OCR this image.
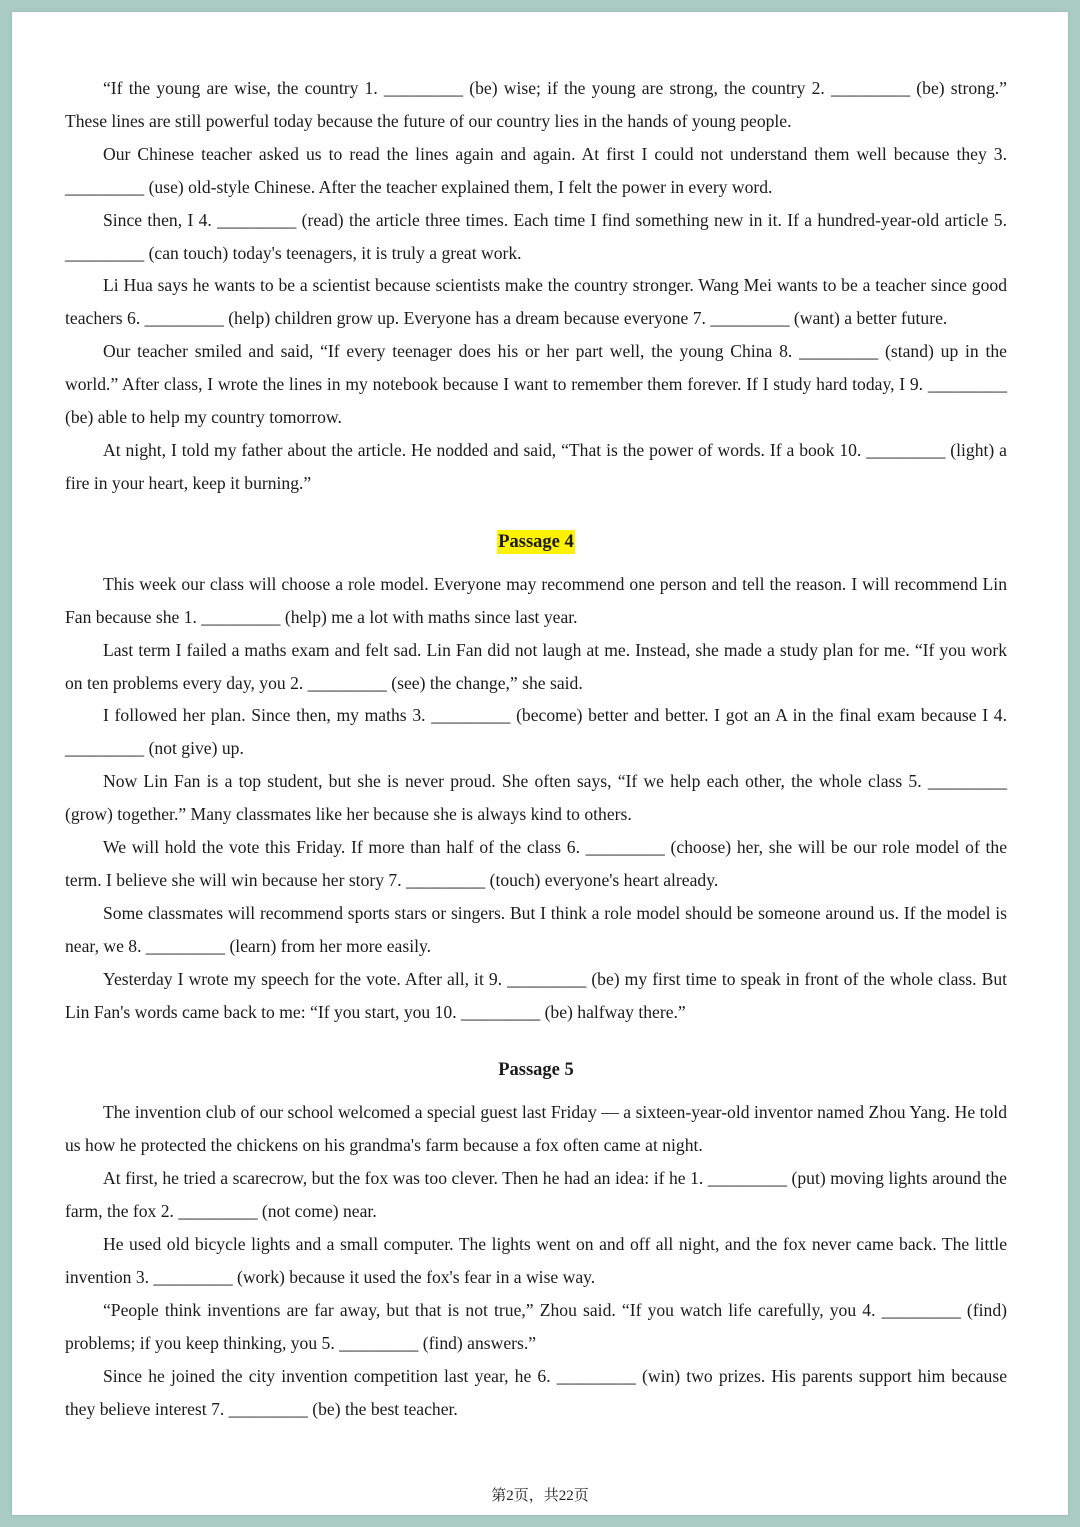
“If the young are wise, the country 1. _________ (be) wise; if the young are strong, the country 2. _________ (be) strong.” These lines are still powerful today because the future of our country lies in the hands of young people.

Our Chinese teacher asked us to read the lines again and again. At first I could not understand them well because they 3. _________ (use) old-style Chinese. After the teacher explained them, I felt the power in every word.

Since then, I 4. _________ (read) the article three times. Each time I find something new in it. If a hundred-year-old article 5. _________ (can touch) today's teenagers, it is truly a great work.

Li Hua says he wants to be a scientist because scientists make the country stronger. Wang Mei wants to be a teacher since good teachers 6. _________ (help) children grow up. Everyone has a dream because everyone 7. _________ (want) a better future.

Our teacher smiled and said, “If every teenager does his or her part well, the young China 8. _________ (stand) up in the world.” After class, I wrote the lines in my notebook because I want to remember them forever. If I study hard today, I 9. _________ (be) able to help my country tomorrow.

At night, I told my father about the article. He nodded and said, “That is the power of words. If a book 10. _________ (light) a fire in your heart, keep it burning.”

Passage 4

This week our class will choose a role model. Everyone may recommend one person and tell the reason. I will recommend Lin Fan because she 1. _________ (help) me a lot with maths since last year.

Last term I failed a maths exam and felt sad. Lin Fan did not laugh at me. Instead, she made a study plan for me. “If you work on ten problems every day, you 2. _________ (see) the change,” she said.

I followed her plan. Since then, my maths 3. _________ (become) better and better. I got an A in the final exam because I 4. _________ (not give) up.

Now Lin Fan is a top student, but she is never proud. She often says, “If we help each other, the whole class 5. _________ (grow) together.” Many classmates like her because she is always kind to others.

We will hold the vote this Friday. If more than half of the class 6. _________ (choose) her, she will be our role model of the term. I believe she will win because her story 7. _________ (touch) everyone's heart already.

Some classmates will recommend sports stars or singers. But I think a role model should be someone around us. If the model is near, we 8. _________ (learn) from her more easily.

Yesterday I wrote my speech for the vote. After all, it 9. _________ (be) my first time to speak in front of the whole class. But Lin Fan's words came back to me: “If you start, you 10. _________ (be) halfway there.”

Passage 5

The invention club of our school welcomed a special guest last Friday — a sixteen-year-old inventor named Zhou Yang. He told us how he protected the chickens on his grandma's farm because a fox often came at night.

At first, he tried a scarecrow, but the fox was too clever. Then he had an idea: if he 1. _________ (put) moving lights around the farm, the fox 2. _________ (not come) near.

He used old bicycle lights and a small computer. The lights went on and off all night, and the fox never came back. The little invention 3. _________ (work) because it used the fox's fear in a wise way.

“People think inventions are far away, but that is not true,” Zhou said. “If you watch life carefully, you 4. _________ (find) problems; if you keep thinking, you 5. _________ (find) answers.”

Since he joined the city invention competition last year, he 6. _________ (win) two prizes. His parents support him because they believe interest 7. _________ (be) the best teacher.

第2页，共22页
